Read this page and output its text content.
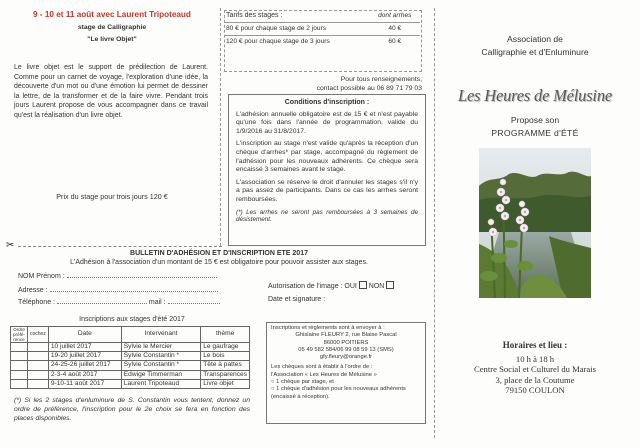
9 - 10 et 11 août avec Laurent Tripoteaud
stage de Calligraphie
"Le livre Objet"
Le livre objet est le support de prédilection de Laurent. Comme pour un carnet de voyage, l'exploration d'une idée, la découverte d'un mot ou d'une émotion lui permet de dessiner la lettre, de la transformer et de la faire vivre. Pendant trois jours Laurent propose de vous accompagner dans ce travail qu'est la réalisation d'un livre objet.
Prix du stage pour trois jours 120 €
Tarifs des stages :	dont arrhes
80 € pour chaque stage de 2 jours	40 €
120 € pour chaque stage de 3 jours	60 €
Pour tous renseignements,
contact possible au 06 89 71 79 03
Conditions d'inscription :
L'adhésion annuelle obligatoire est de 15 € et n'est payable qu'une fois dans l'année de programmation, valide du 1/9/2016 au 31/8/2017.
L'inscription au stage n'est valide qu'après la réception d'un chèque d'arrhes* par stage, accompagné du règlement de l'adhésion pour les nouveaux adhérents. Ce chèque sera encaissé 3 semaines avant le stage.
L'association se réserve le droit d'annuler les stages s'il n'y a pas assez de participants. Dans ce cas les arrhes seront remboursées.
(*) Les arrhes ne seront pas remboursées à 3 semaines de désistement.
Association de
Calligraphie et d'Enluminure
Les Heures de Mélusine
Propose son
PROGRAMME d'ÉTÉ
Horaires et lieu :
10 h à 18 h
Centre Social et Culturel du Marais
3, place de la Coutume
79150 COULON
✂
BULLETIN D'ADHÉSION ET D'INSCRIPTION ETE 2017
L'Adhésion à l'association d'un montant de 15 € est obligatoire pour pouvoir assister aux stages.
NOM Prénom :
Adresse :
Téléphone :	mail :
Autorisation de l'image : OUI NON
Date et signature :
Inscriptions aux stages d'été 2017
Ordre préfé-rence	cochez	Date	Intervenant	thème
		10 juillet 2017	Sylvie le Mercier	Le gaufrage
		19-20 juillet 2017	Sylvie Constantin *	Le bois
		24-25-26 juillet 2017	Sylvie Constantin *	Tête à pattes
		2-3-4 août 2017	Edwige Timmerman	Transparences
		9-10-11 août 2017	Laurent Tripoteaud	Livre objet
(*) Si les 2 stages d'enluminure de S. Constantin vous tentent, donnez un ordre de préférence, l'inscription pour le 2e choix se fera en fonction des places disponibles.
Inscriptions et règlements sont à envoyer à :
Ghislaine FLEURY 2, rue Blaise Pascal
86000 POITIERS
05 49 582 584/06 99 08 59 13 (SMS)
gfy.fleury@orange.fr
Les chèques sont à établir à l'ordre de :
l'Association « Les Heures de Mélusine »
○ 1 chèque par stage, et
○ 1 chèque d'adhésion pour les nouveaux adhérents (encaissé à réception).
